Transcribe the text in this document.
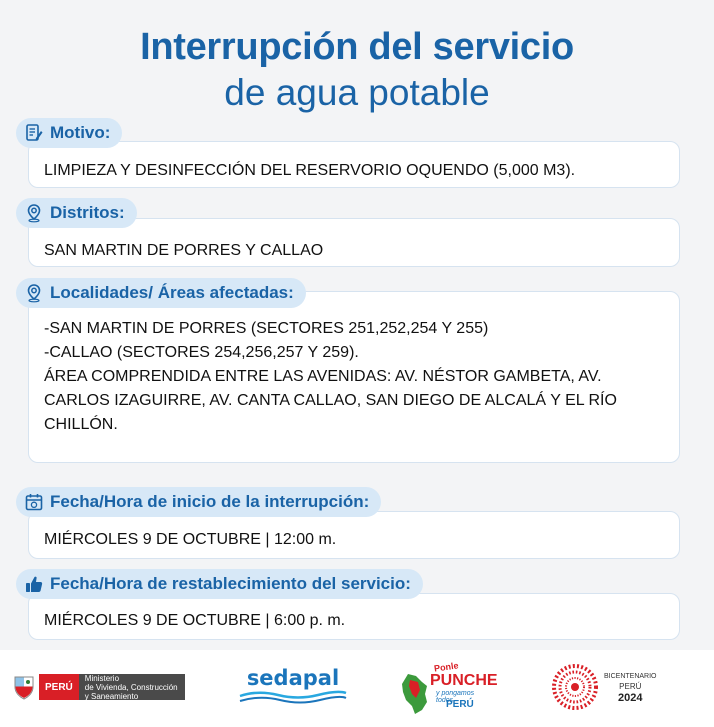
Interrupción del servicio
de agua potable
LIMPIEZA Y DESINFECCIÓN DEL RESERVORIO OQUENDO (5,000 M3).
Motivo:
SAN MARTIN DE PORRES Y CALLAO
Distritos:
-SAN MARTIN DE PORRES (SECTORES 251,252,254 Y 255)
-CALLAO (SECTORES 254,256,257 Y 259).
ÁREA COMPRENDIDA ENTRE LAS AVENIDAS: AV. NÉSTOR GAMBETA, AV.
CARLOS IZAGUIRRE, AV. CANTA CALLAO, SAN DIEGO DE ALCALÁ Y EL RÍO
CHILLÓN.
Localidades/ Áreas afectadas:
MIÉRCOLES 9 DE OCTUBRE | 12:00 m.
Fecha/Hora de inicio de la interrupción:
MIÉRCOLES 9 DE OCTUBRE | 6:00 p. m.
Fecha/Hora de restablecimiento del servicio:
PERÚ
Ministerio
de Vivienda, Construcción
y Saneamiento
sedapal	Ponle
PUNCHE
y pongamos todos
PERÚ
BICENTENARIO
PERÚ
2024
